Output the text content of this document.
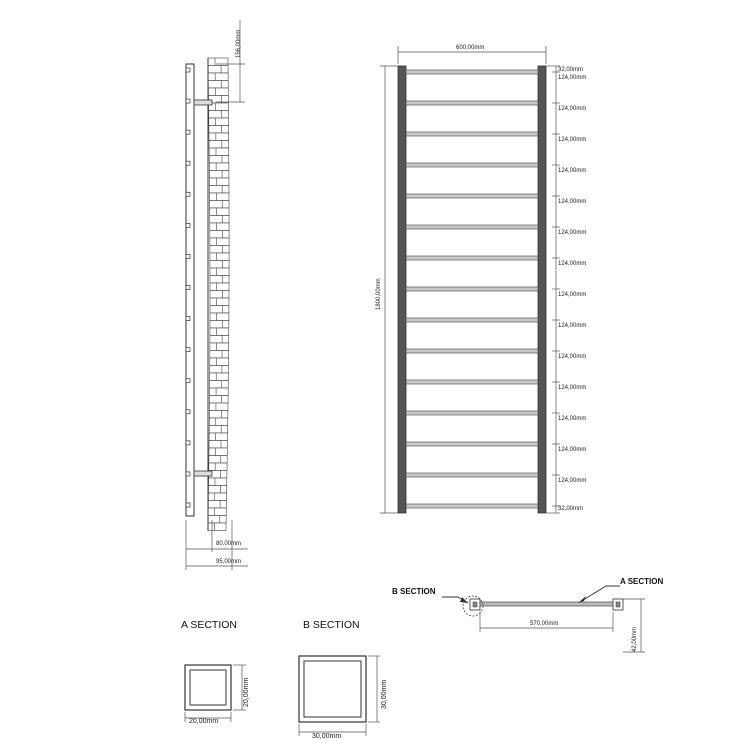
156,00mm
80,00mm
95,00mm
600,00mm
1800,00mm
32,00mm
124,00mm
124,00mm
124,00mm
124,00mm
124,00mm
124,00mm
124,00mm
124,00mm
124,00mm
124,00mm
124,00mm
124,00mm
124,00mm
124,00mm
32,00mm
B SECTION
A SECTION
570,00mm
42,00mm
A SECTION
20,00mm
20,00mm
B SECTION
30,00mm
30,00mm
